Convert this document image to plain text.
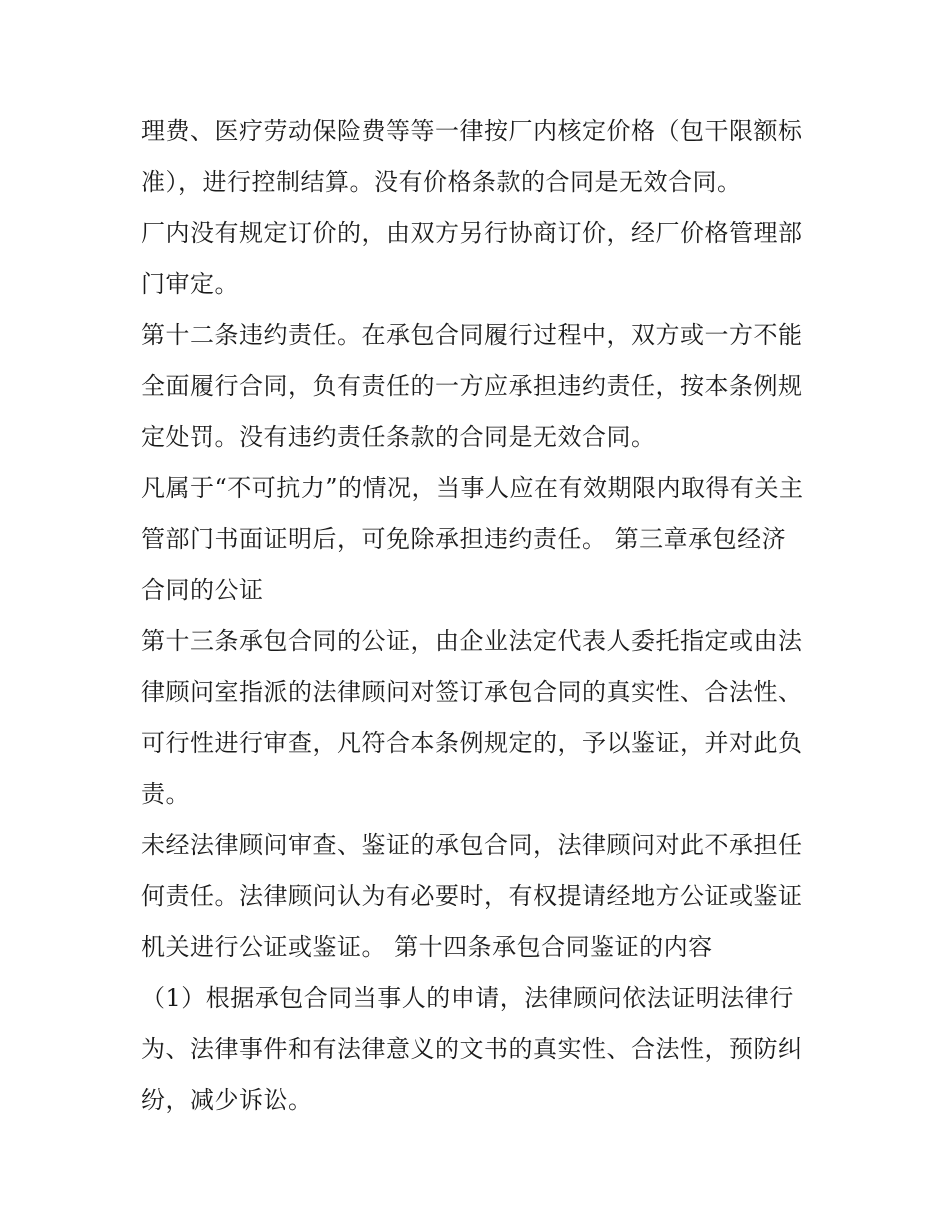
理费、医疗劳动保险费等等一律按厂内核定价格（包干限额标
准），进行控制结算。没有价格条款的合同是无效合同。
厂内没有规定订价的，由双方另行协商订价，经厂价格管理部
门审定。
第十二条违约责任。在承包合同履行过程中，双方或一方不能
全面履行合同，负有责任的一方应承担违约责任，按本条例规
定处罚。没有违约责任条款的合同是无效合同。
凡属于“不可抗力”的情况，当事人应在有效期限内取得有关主
管部门书面证明后，可免除承担违约责任。 第三章承包经济
合同的公证
第十三条承包合同的公证，由企业法定代表人委托指定或由法
律顾问室指派的法律顾问对签订承包合同的真实性、合法性、
可行性进行审查，凡符合本条例规定的，予以鉴证，并对此负
责。
未经法律顾问审查、鉴证的承包合同，法律顾问对此不承担任
何责任。法律顾问认为有必要时，有权提请经地方公证或鉴证
机关进行公证或鉴证。 第十四条承包合同鉴证的内容
（1）根据承包合同当事人的申请，法律顾问依法证明法律行
为、法律事件和有法律意义的文书的真实性、合法性，预防纠
纷，减少诉讼。
